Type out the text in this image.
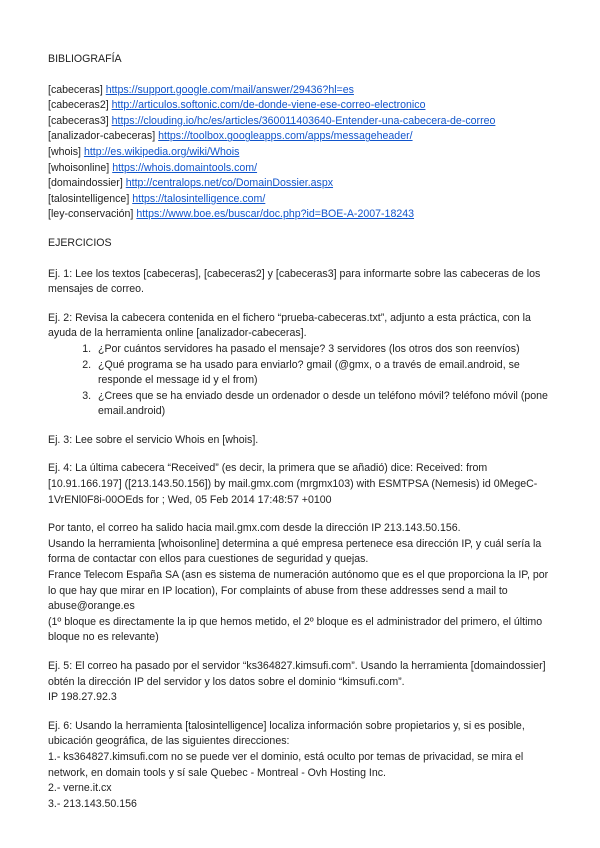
BIBLIOGRAFÍA
[cabeceras] https://support.google.com/mail/answer/29436?hl=es
[cabeceras2] http://articulos.softonic.com/de-donde-viene-ese-correo-electronico
[cabeceras3] https://clouding.io/hc/es/articles/360011403640-Entender-una-cabecera-de-correo
[analizador-cabeceras] https://toolbox.googleapps.com/apps/messageheader/
[whois] http://es.wikipedia.org/wiki/Whois
[whoisonline] https://whois.domaintools.com/
[domaindossier] http://centralops.net/co/DomainDossier.aspx
[talosintelligence] https://talosintelligence.com/
[ley-conservación] https://www.boe.es/buscar/doc.php?id=BOE-A-2007-18243
EJERCICIOS

Ej. 1: Lee los textos [cabeceras], [cabeceras2] y [cabeceras3] para informarte sobre las cabeceras de los mensajes de correo.

Ej. 2: Revisa la cabecera contenida en el fichero “prueba-cabeceras.txt”, adjunto a esta práctica, con la ayuda de la herramienta online [analizador-cabeceras].

1. ¿Por cuántos servidores ha pasado el mensaje? 3 servidores (los otros dos son reenvíos)
2. ¿Qué programa se ha usado para enviarlo? gmail (@gmx, o a través de email.android, se responde el message id y el from)
3. ¿Crees que se ha enviado desde un ordenador o desde un teléfono móvil? teléfono móvil (pone email.android)

Ej. 3: Lee sobre el servicio Whois en [whois].

Ej. 4: La última cabecera “Received” (es decir, la primera que se añadió) dice: Received: from [10.91.166.197] ([213.143.50.156]) by mail.gmx.com (mrgmx103) with ESMTPSA (Nemesis) id 0MegeC-1VrENl0F8i-00OEds for ; Wed, 05 Feb 2014 17:48:57 +0100

Por tanto, el correo ha salido hacia mail.gmx.com desde la dirección IP 213.143.50.156.

Usando la herramienta [whoisonline] determina a qué empresa pertenece esa dirección IP, y cuál sería la forma de contactar con ellos para cuestiones de seguridad y quejas.

France Telecom España SA (asn es sistema de numeración autónomo que es el que proporciona la IP, por lo que hay que mirar en IP location), For complaints of abuse from these addresses send a mail to abuse@orange.es

(1º bloque es directamente la ip que hemos metido, el 2º bloque es el administrador del primero, el último bloque no es relevante)

Ej. 5: El correo ha pasado por el servidor “ks364827.kimsufi.com”. Usando la herramienta [domaindossier] obtén la dirección IP del servidor y los datos sobre el dominio “kimsufi.com”.

IP 198.27.92.3

Ej. 6: Usando la herramienta [talosintelligence] localiza información sobre propietarios y, si es posible, ubicación geográfica, de las siguientes direcciones:

1.- ks364827.kimsufi.com no se puede ver el dominio, está oculto por temas de privacidad, se mira el network, en domain tools y sí sale Quebec - Montreal - Ovh Hosting Inc.

2.- verne.it.cx

3.- 213.143.50.156
